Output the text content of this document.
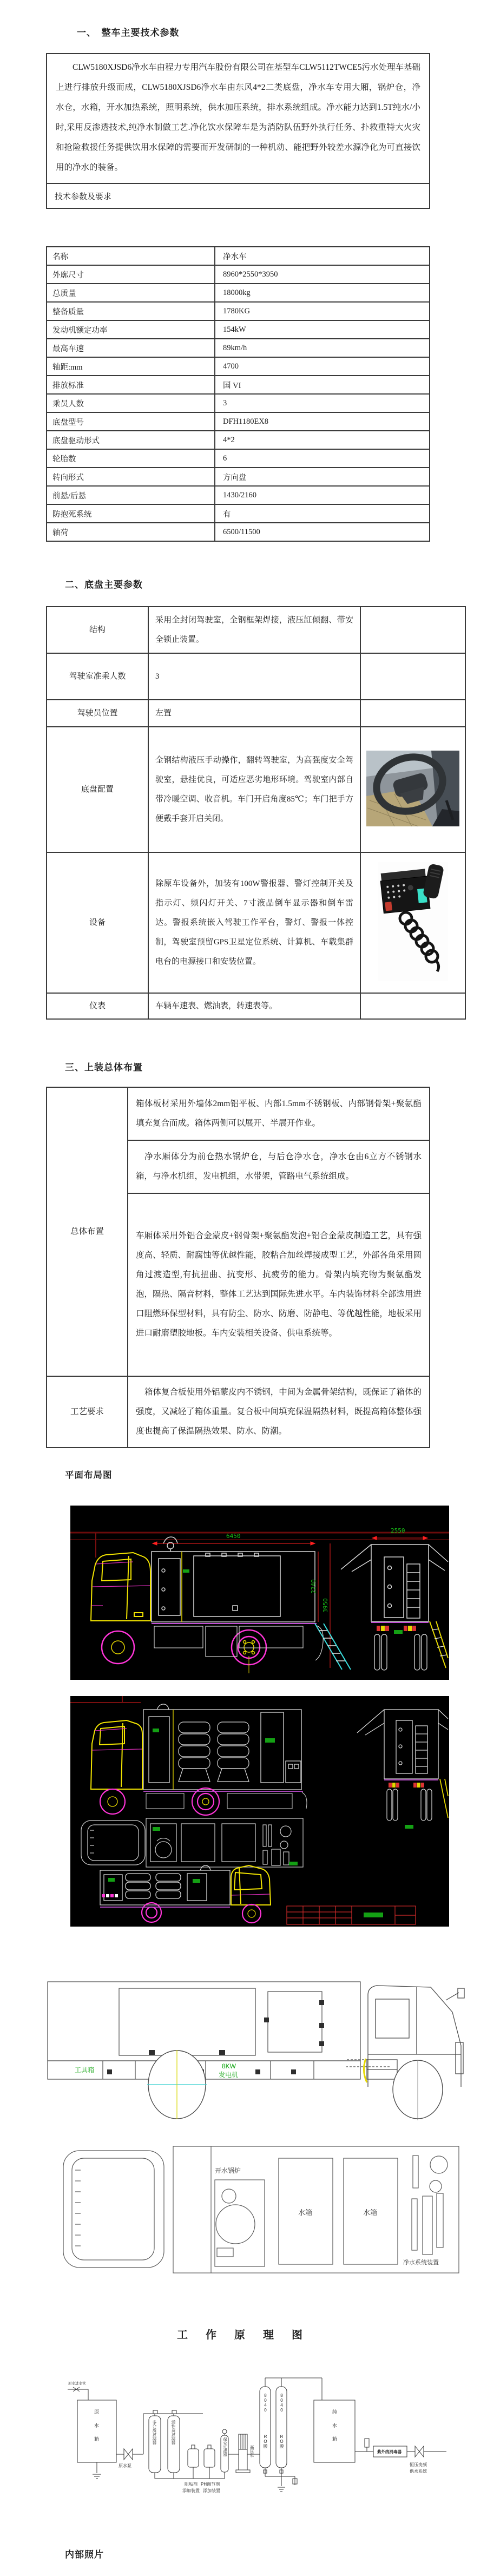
一、　整车主要技术参数
CLW5180XJSD6净水车由程力专用汽车股份有限公司在基型车CLW5112TWCE5污水处理车基础上进行排放升级而成，CLW5180XJSD6净水车由东风4*2二类底盘，净水车专用大厢，锅炉仓，净水仓，水箱，开水加热系统，照明系统，供水加压系统，排水系统组成。净水能力达到1.5T纯水/小时,采用反渗透技术,纯净水制做工艺.净化饮水保障车是为消防队伍野外执行任务、扑救重特大火灾和抢险救援任务提供饮用水保障的需要而开发研制的一种机动、能把野外较差水源净化为可直接饮用的净水的装备。
技术参数及要求
名称	净水车
外廓尺寸	8960*2550*3950
总质量	18000kg
整备质量	1780KG
发动机额定功率	154kW
最高车速	89km/h
轴距:mm	4700
排放标准	国 VI
乘员人数	3
底盘型号	DFH1180EX8
底盘驱动形式	4*2
轮胎数	6
转向形式	方向盘
前悬/后悬	1430/2160
防抱死系统	有
轴荷	6500/11500
二、底盘主要参数
结构	采用全封闭驾驶室，全钢框架焊接，液压缸倾翻、带安全锁止装置。	
驾驶室准乘人数	3	
驾驶员位置	左置	
底盘配置	全钢结构液压手动操作，翻转驾驶室，为高强度安全驾驶室，悬挂优良，可适应恶劣地形环境。驾驶室内部自带冷暖空调、收音机。车门开启角度85℃；车门把手方便戴手套开启关闭。	
设备	除原车设备外，加装有100W警报器、警灯控制开关及指示灯、频闪灯开关、7寸液晶倒车显示器和倒车雷达。警报系统嵌入驾驶工作平台，警灯、警报一体控制，驾驶室预留GPS卫星定位系统、计算机、车载集群电台的电源接口和安装位置。	
仪表	车辆车速表、燃油表，转速表等。	
三、上装总体布置
总体布置	箱体板材采用外墙体2mm铝平板、内部1.5mm不锈钢板、内部钢骨架+聚氨酯填充复合而成。箱体两侧可以展开、半展开作业。
	净水厢体分为前仓热水锅炉仓，与后仓净水仓，净水仓由6立方不锈钢水箱，与净水机组，发电机组，水带架，管路电气系统组成。
	车厢体采用外铝合金蒙皮+钢骨架+聚氨酯发泡+铝合金蒙皮制造工艺，具有强度高、轻质、耐腐蚀等优越性能，胶粘合加丝焊接成型工艺，外部各角采用圆角过渡造型,有抗扭曲、抗变形、抗疲劳的能力。骨架内填充物为聚氨酯发泡，隔热、隔音材料，整体工艺达到国际先进水平。车内装饰材料全部选用进口阻燃环保型材料，具有防尘、防水、防磨、防静电、等优越性能，地板采用进口耐磨塑胶地板。车内安装相关设备、供电系统等。

工艺要求	箱体复合板使用外铝蒙皮内不锈钢，中间为金属骨架结构，既保证了箱体的强度，又减轻了箱体重量。复合板中间填充保温隔热材料，既提高箱体整体强度也提高了保温隔热效果、防水、防潮。
平面布局图
6450
2240
3950
2550
工具箱	8KW
发电机
开水锅炉
水箱	水箱
净水系统装置
工 作 原 理 图
原水进水管
原水箱
原水泵
多介质过滤器	活性炭过滤器
阻垢剂
添加装置
PH调节剂
添加装置
保安过滤器	高压泵
8040
RO膜
8040
RO膜	纯水箱
紫外线消毒器
恒压变频
供水系统
内部照片
